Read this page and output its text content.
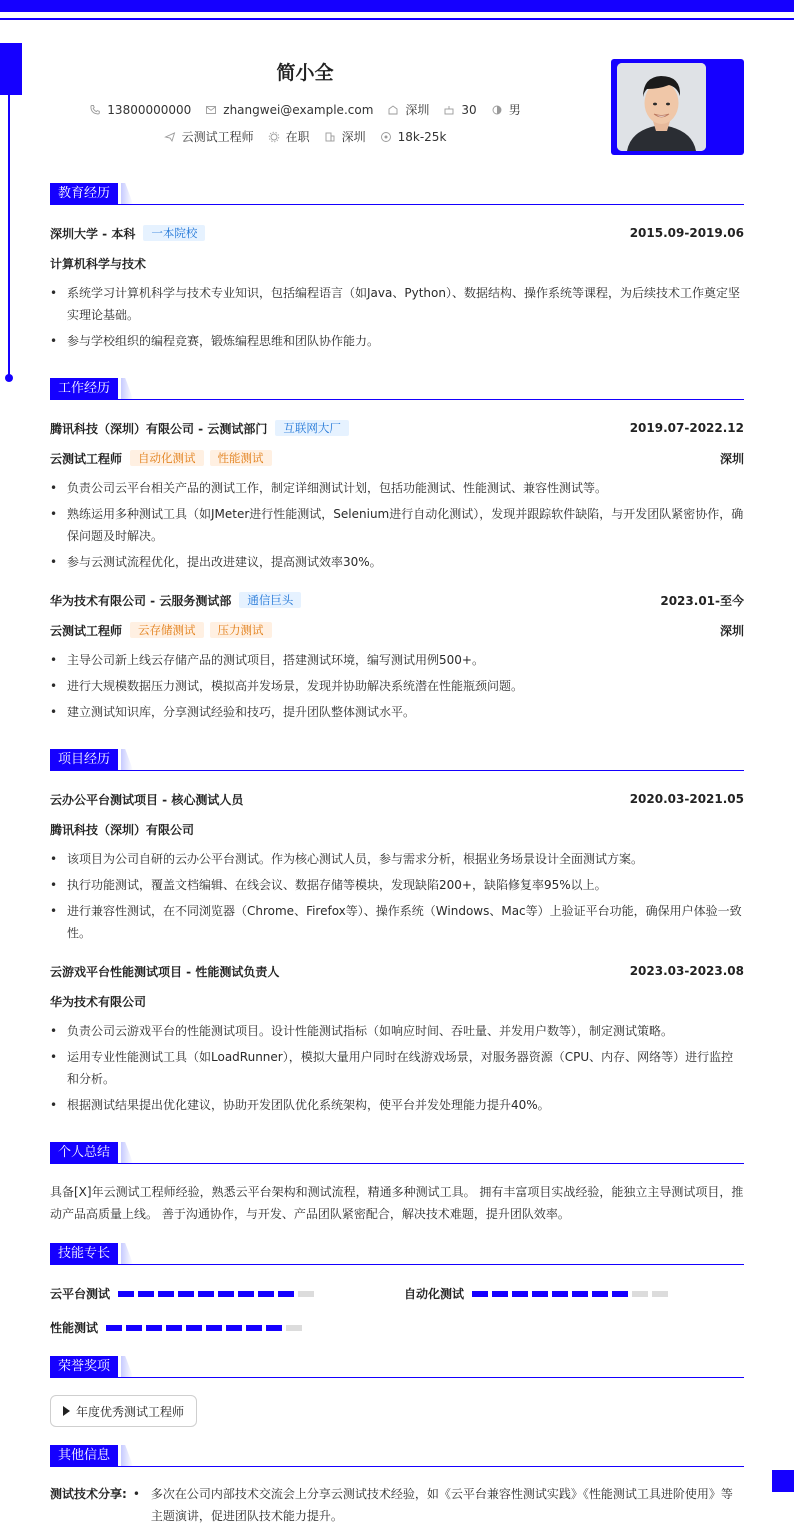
简小全
13800000000	zhangwei@example.com	深圳	30	男
云测试工程师	在职	深圳	18k-25k
教育经历
深圳大学 - 本科	一本院校	2015.09-2019.06
计算机科学与技术
• 系统学习计算机科学与技术专业知识，包括编程语言（如Java、Python）、数据结构、操作系统等课程，为后续技术工作奠定坚实理论基础。
• 参与学校组织的编程竞赛，锻炼编程思维和团队协作能力。
工作经历
腾讯科技（深圳）有限公司 - 云测试部门	互联网大厂	2019.07-2022.12
云测试工程师	自动化测试	性能测试	深圳
• 负责公司云平台相关产品的测试工作，制定详细测试计划，包括功能测试、性能测试、兼容性测试等。
• 熟练运用多种测试工具（如JMeter进行性能测试，Selenium进行自动化测试），发现并跟踪软件缺陷，与开发团队紧密协作，确保问题及时解决。
• 参与云测试流程优化，提出改进建议，提高测试效率30%。
华为技术有限公司 - 云服务测试部	通信巨头	2023.01-至今
云测试工程师	云存储测试	压力测试	深圳
• 主导公司新上线云存储产品的测试项目，搭建测试环境，编写测试用例500+。
• 进行大规模数据压力测试，模拟高并发场景，发现并协助解决系统潜在性能瓶颈问题。
• 建立测试知识库，分享测试经验和技巧，提升团队整体测试水平。
项目经历
云办公平台测试项目 - 核心测试人员	2020.03-2021.05
腾讯科技（深圳）有限公司
• 该项目为公司自研的云办公平台测试。作为核心测试人员，参与需求分析，根据业务场景设计全面测试方案。
• 执行功能测试，覆盖文档编辑、在线会议、数据存储等模块，发现缺陷200+，缺陷修复率95%以上。
• 进行兼容性测试，在不同浏览器（Chrome、Firefox等）、操作系统（Windows、Mac等）上验证平台功能，确保用户体验一致性。
云游戏平台性能测试项目 - 性能测试负责人	2023.03-2023.08
华为技术有限公司
• 负责公司云游戏平台的性能测试项目。设计性能测试指标（如响应时间、吞吐量、并发用户数等），制定测试策略。
• 运用专业性能测试工具（如LoadRunner），模拟大量用户同时在线游戏场景，对服务器资源（CPU、内存、网络等）进行监控和分析。
• 根据测试结果提出优化建议，协助开发团队优化系统架构，使平台并发处理能力提升40%。
个人总结
具备[X]年云测试工程师经验，熟悉云平台架构和测试流程，精通多种测试工具。 拥有丰富项目实战经验，能独立主导测试项目，推动产品高质量上线。 善于沟通协作，与开发、产品团队紧密配合，解决技术难题，提升团队效率。
技能专长
云平台测试	自动化测试
性能测试
荣誉奖项
年度优秀测试工程师
其他信息
测试技术分享:
•	多次在公司内部技术交流会上分享云测试技术经验，如《云平台兼容性测试实践》《性能测试工具进阶使用》等主题演讲，促进团队技术能力提升。
